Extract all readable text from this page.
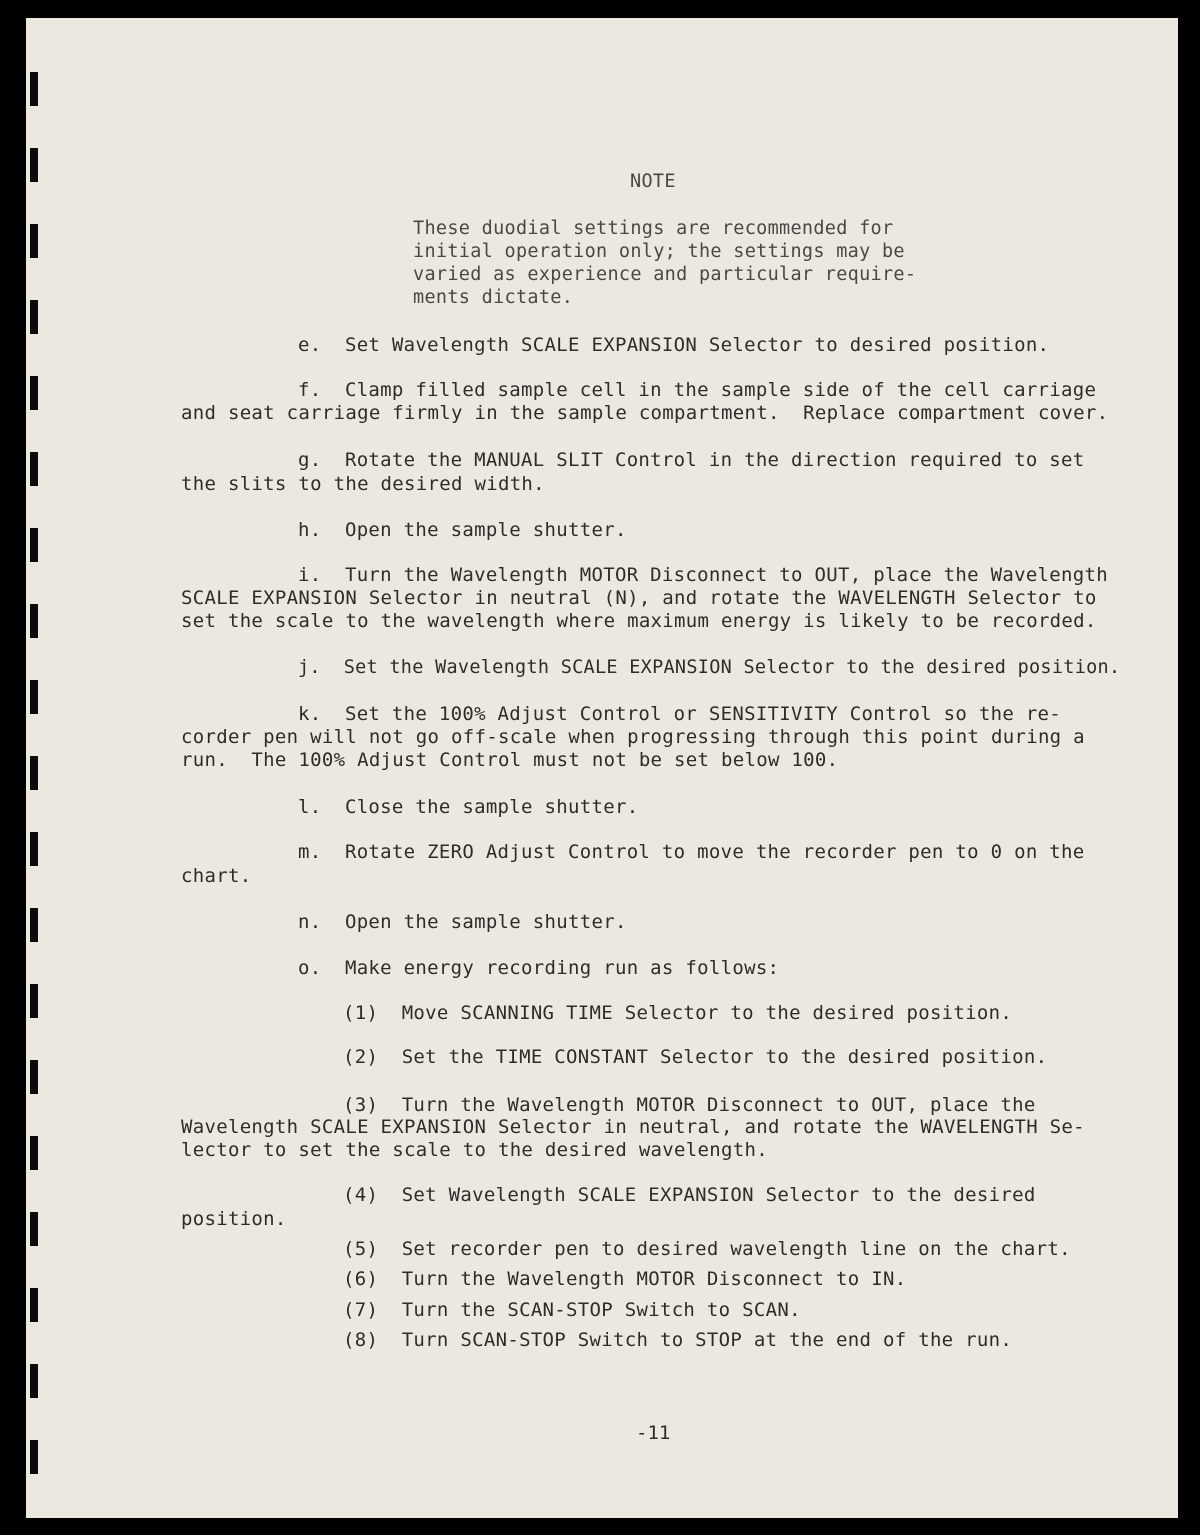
NOTE
These duodial settings are recommended for
initial operation only; the settings may be
varied as experience and particular require-
ments dictate.
e.  Set Wavelength SCALE EXPANSION Selector to desired position.
f.  Clamp filled sample cell in the sample side of the cell carriage
and seat carriage firmly in the sample compartment.  Replace compartment cover.
g.  Rotate the MANUAL SLIT Control in the direction required to set
the slits to the desired width.
h.  Open the sample shutter.
i.  Turn the Wavelength MOTOR Disconnect to OUT, place the Wavelength
SCALE EXPANSION Selector in neutral (N), and rotate the WAVELENGTH Selector to
set the scale to the wavelength where maximum energy is likely to be recorded.
j.  Set the Wavelength SCALE EXPANSION Selector to the desired position.
k.  Set the 100% Adjust Control or SENSITIVITY Control so the re-
corder pen will not go off-scale when progressing through this point during a
run.  The 100% Adjust Control must not be set below 100.
l.  Close the sample shutter.
m.  Rotate ZERO Adjust Control to move the recorder pen to 0 on the
chart.
n.  Open the sample shutter.
o.  Make energy recording run as follows:
(1)  Move SCANNING TIME Selector to the desired position.
(2)  Set the TIME CONSTANT Selector to the desired position.
(3)  Turn the Wavelength MOTOR Disconnect to OUT, place the
Wavelength SCALE EXPANSION Selector in neutral, and rotate the WAVELENGTH Se-
lector to set the scale to the desired wavelength.
(4)  Set Wavelength SCALE EXPANSION Selector to the desired
position.
(5)  Set recorder pen to desired wavelength line on the chart.
(6)  Turn the Wavelength MOTOR Disconnect to IN.
(7)  Turn the SCAN-STOP Switch to SCAN.
(8)  Turn SCAN-STOP Switch to STOP at the end of the run.
-11
